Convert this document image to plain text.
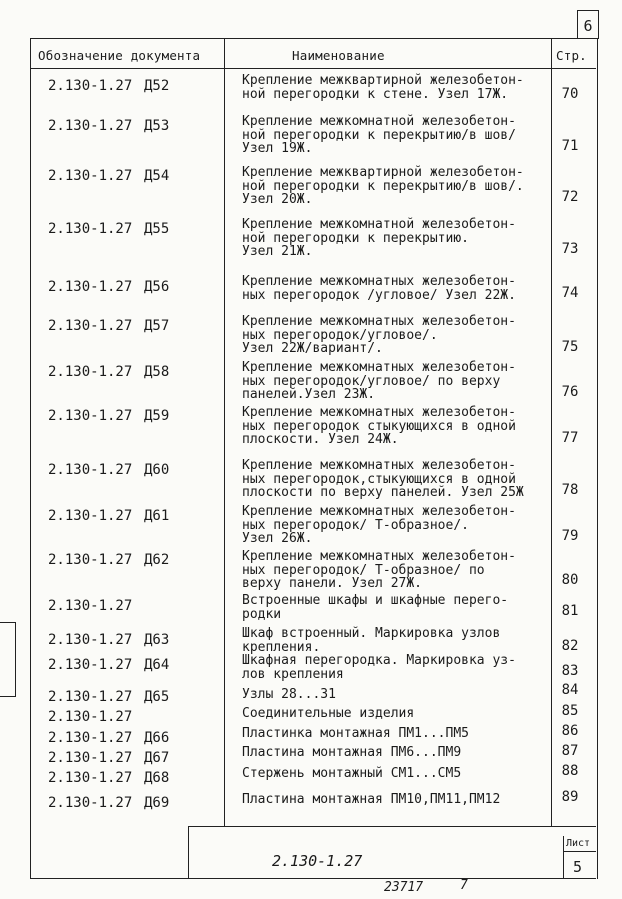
6
Обозначение документа	Наименование	Стр.
2.130-1.27 Д52	Крепление межквартирной железобетон-
ной перегородки к стене. Узел 17Ж.	70
2.130-1.27 Д53	Крепление межкомнатной железобетон-
ной перегородки к перекрытию/в шов/
Узел 19Ж.	71
2.130-1.27 Д54	Крепление межквартирной железобетон-
ной перегородки к перекрытию/в шов/.
Узел 20Ж.	72
2.130-1.27 Д55	Крепление межкомнатной железобетон-
ной перегородки к перекрытию.
Узел 21Ж.	73
2.130-1.27 Д56	Крепление межкомнатных железобетон-
ных перегородок /угловое/ Узел 22Ж.	74
2.130-1.27 Д57	Крепление межкомнатных железобетон-
ных перегородок/угловое/.
Узел 22Ж/вариант/.	75
2.130-1.27 Д58	Крепление межкомнатных железобетон-
ных перегородок/угловое/ по верху
панелей.Узел 23Ж.	76
2.130-1.27 Д59	Крепление межкомнатных железобетон-
ных перегородок стыкующихся в одной
плоскости. Узел 24Ж.	77
2.130-1.27 Д60	Крепление межкомнатных железобетон-
ных перегородок,стыкующихся в одной
плоскости по верху панелей. Узел 25Ж	78
2.130-1.27 Д61	Крепление межкомнатных железобетон-
ных перегородок/ Т-образное/.
Узел 26Ж.	79
2.130-1.27 Д62	Крепление межкомнатных железобетон-
ных перегородок/ Т-образное/ по
верху панели. Узел 27Ж.	80
2.130-1.27	Встроенные шкафы и шкафные перего-
родки	81
2.130-1.27 Д63	Шкаф встроенный. Маркировка узлов
крепления.	82
2.130-1.27 Д64	Шкафная перегородка. Маркировка уз-
лов крепления	83
2.130-1.27 Д65	Узлы 28...31	84
2.130-1.27	Соединительные изделия	85
2.130-1.27 Д66	Пластинка монтажная ПМ1...ПМ5	86
2.130-1.27 Д67	Пластина монтажная ПМ6...ПМ9	87
2.130-1.27 Д68	Стержень монтажный СМ1...СМ5	88
2.130-1.27 Д69	Пластина монтажная ПМ10,ПМ11,ПМ12	89
2.130-1.27
Лист
5
23717	7
